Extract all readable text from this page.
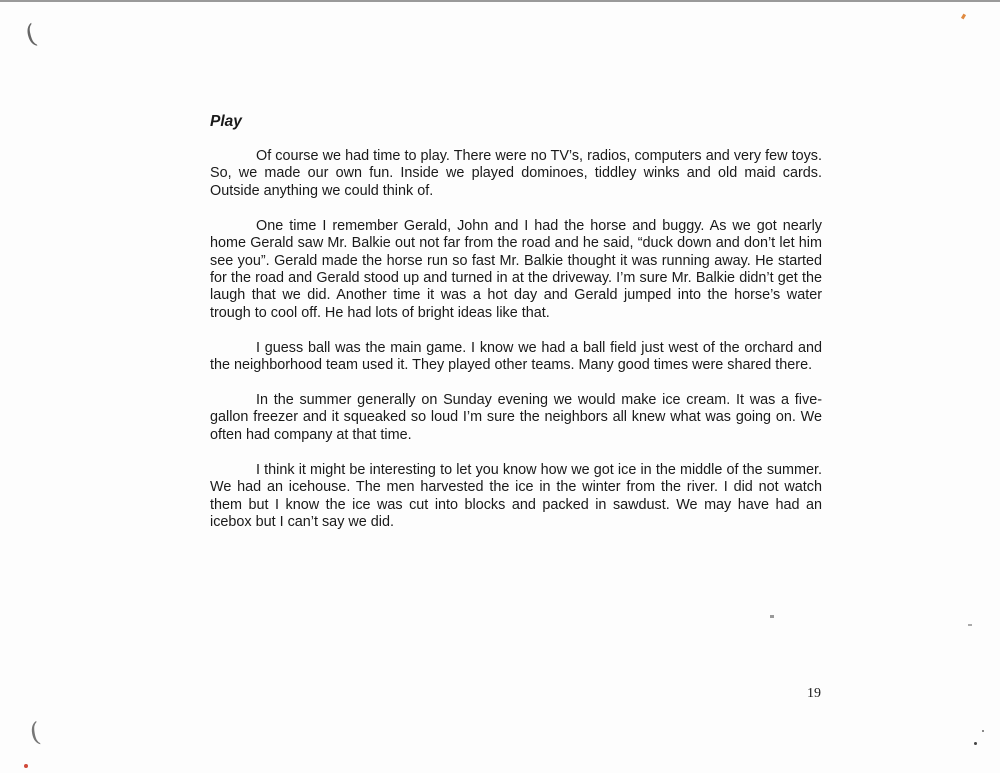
(
(
Play

Of course we had time to play. There were no TV’s, radios, computers and very few toys. So, we made our own fun. Inside we played dominoes, tiddley winks and old maid cards. Outside anything we could think of.

One time I remember Gerald, John and I had the horse and buggy. As we got nearly home Gerald saw Mr. Balkie out not far from the road and he said, “duck down and don’t let him see you”. Gerald made the horse run so fast Mr. Balkie thought it was running away. He started for the road and Gerald stood up and turned in at the driveway. I’m sure Mr. Balkie didn’t get the laugh that we did. Another time it was a hot day and Gerald jumped into the horse’s water trough to cool off. He had lots of bright ideas like that.

I guess ball was the main game. I know we had a ball field just west of the orchard and the neighborhood team used it. They played other teams. Many good times were shared there.

In the summer generally on Sunday evening we would make ice cream. It was a five-gallon freezer and it squeaked so loud I’m sure the neighbors all knew what was going on. We often had company at that time.

I think it might be interesting to let you know how we got ice in the middle of the summer. We had an icehouse. The men harvested the ice in the winter from the river. I did not watch them but I know the ice was cut into blocks and packed in sawdust. We may have had an icebox but I can’t say we did.

19
